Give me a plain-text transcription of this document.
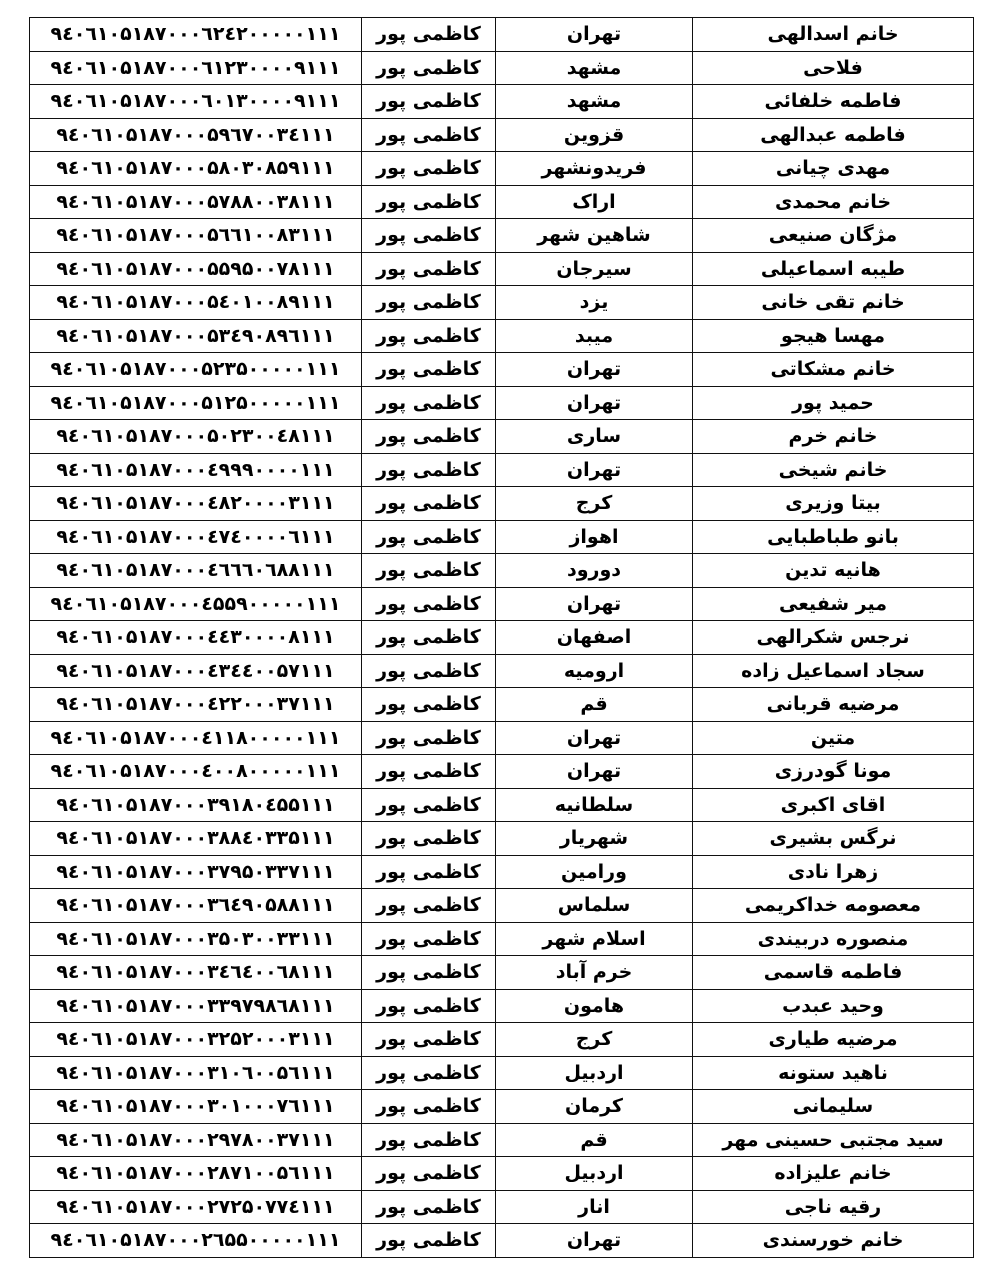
۹٤۰٦۱۰۵۱۸۷۰۰۰٦۲٤۲۰۰۰۰۰۱۱۱	کاظمی پور	تهران	خانم اسدالهی
۹٤۰٦۱۰۵۱۸۷۰۰۰٦۱۲۳۰۰۰۰۹۱۱۱	کاظمی پور	مشهد	فلاحی
۹٤۰٦۱۰۵۱۸۷۰۰۰٦۰۱۳۰۰۰۰۹۱۱۱	کاظمی پور	مشهد	فاطمه خلفائی
۹٤۰٦۱۰۵۱۸۷۰۰۰۵۹٦۷۰۰۳٤۱۱۱	کاظمی پور	قزوین	فاطمه عبدالهی
۹٤۰٦۱۰۵۱۸۷۰۰۰۵۸۰۳۰۸۵۹۱۱۱	کاظمی پور	فریدونشهر	مهدی چیانی
۹٤۰٦۱۰۵۱۸۷۰۰۰۵۷۸۸۰۰۳۸۱۱۱	کاظمی پور	اراک	خانم محمدی
۹٤۰٦۱۰۵۱۸۷۰۰۰۵٦٦۱۰۰۸۳۱۱۱	کاظمی پور	شاهین شهر	مژگان صنیعی
۹٤۰٦۱۰۵۱۸۷۰۰۰۵۵۹۵۰۰۷۸۱۱۱	کاظمی پور	سیرجان	طیبه اسماعیلی
۹٤۰٦۱۰۵۱۸۷۰۰۰۵٤۰۱۰۰۸۹۱۱۱	کاظمی پور	یزد	خانم تقی خانی
۹٤۰٦۱۰۵۱۸۷۰۰۰۵۳٤۹۰۸۹٦۱۱۱	کاظمی پور	میبد	مهسا هیجو
۹٤۰٦۱۰۵۱۸۷۰۰۰۵۲۳۵۰۰۰۰۰۱۱۱	کاظمی پور	تهران	خانم مشکاتی
۹٤۰٦۱۰۵۱۸۷۰۰۰۵۱۲۵۰۰۰۰۰۱۱۱	کاظمی پور	تهران	حمید پور
۹٤۰٦۱۰۵۱۸۷۰۰۰۵۰۲۳۰۰٤۸۱۱۱	کاظمی پور	ساری	خانم خرم
۹٤۰٦۱۰۵۱۸۷۰۰۰٤۹۹۹۰۰۰۰۱۱۱	کاظمی پور	تهران	خانم شیخی
۹٤۰٦۱۰۵۱۸۷۰۰۰٤۸۲۰۰۰۰۳۱۱۱	کاظمی پور	کرج	بیتا وزیری
۹٤۰٦۱۰۵۱۸۷۰۰۰٤۷٤۰۰۰۰٦۱۱۱	کاظمی پور	اهواز	بانو طباطبایی
۹٤۰٦۱۰۵۱۸۷۰۰۰٤٦٦٦۰٦۸۸۱۱۱	کاظمی پور	دورود	هانیه تدین
۹٤۰٦۱۰۵۱۸۷۰۰۰٤۵۵۹۰۰۰۰۰۱۱۱	کاظمی پور	تهران	میر شفیعی
۹٤۰٦۱۰۵۱۸۷۰۰۰٤٤۳۰۰۰۰۸۱۱۱	کاظمی پور	اصفهان	نرجس شکرالهی
۹٤۰٦۱۰۵۱۸۷۰۰۰٤۳٤٤۰۰۵۷۱۱۱	کاظمی پور	ارومیه	سجاد اسماعیل زاده
۹٤۰٦۱۰۵۱۸۷۰۰۰٤۲۲۰۰۰۳۷۱۱۱	کاظمی پور	قم	مرضیه قربانی
۹٤۰٦۱۰۵۱۸۷۰۰۰٤۱۱۸۰۰۰۰۰۱۱۱	کاظمی پور	تهران	متین
۹٤۰٦۱۰۵۱۸۷۰۰۰٤۰۰۸۰۰۰۰۰۱۱۱	کاظمی پور	تهران	مونا گودرزی
۹٤۰٦۱۰۵۱۸۷۰۰۰۳۹۱۸۰٤۵۵۱۱۱	کاظمی پور	سلطانیه	اقای اکبری
۹٤۰٦۱۰۵۱۸۷۰۰۰۳۸۸٤۰۳۳۵۱۱۱	کاظمی پور	شهریار	نرگس بشیری
۹٤۰٦۱۰۵۱۸۷۰۰۰۳۷۹۵۰۳۳۷۱۱۱	کاظمی پور	ورامین	زهرا نادی
۹٤۰٦۱۰۵۱۸۷۰۰۰۳٦٤۹۰۵۸۸۱۱۱	کاظمی پور	سلماس	معصومه خداکریمی
۹٤۰٦۱۰۵۱۸۷۰۰۰۳۵۰۳۰۰۳۳۱۱۱	کاظمی پور	اسلام شهر	منصوره دربیندی
۹٤۰٦۱۰۵۱۸۷۰۰۰۳٤٦٤۰۰٦۸۱۱۱	کاظمی پور	خرم آباد	فاطمه قاسمی
۹٤۰٦۱۰۵۱۸۷۰۰۰۳۳۹۷۹۸٦۸۱۱۱	کاظمی پور	هامون	وحید عبدب
۹٤۰٦۱۰۵۱۸۷۰۰۰۳۲۵۲۰۰۰۳۱۱۱	کاظمی پور	کرج	مرضیه طیاری
۹٤۰٦۱۰۵۱۸۷۰۰۰۳۱۰٦۰۰۵٦۱۱۱	کاظمی پور	اردبیل	ناهید ستونه
۹٤۰٦۱۰۵۱۸۷۰۰۰۳۰۱۰۰۰۷٦۱۱۱	کاظمی پور	کرمان	سلیمانی
۹٤۰٦۱۰۵۱۸۷۰۰۰۲۹۷۸۰۰۳۷۱۱۱	کاظمی پور	قم	سید مجتبی حسینی مهر
۹٤۰٦۱۰۵۱۸۷۰۰۰۲۸۷۱۰۰۵٦۱۱۱	کاظمی پور	اردبیل	خانم علیزاده
۹٤۰٦۱۰۵۱۸۷۰۰۰۲۷۲۵۰۷۷٤۱۱۱	کاظمی پور	انار	رقیه ناجی
۹٤۰٦۱۰۵۱۸۷۰۰۰۲٦۵۵۰۰۰۰۰۱۱۱	کاظمی پور	تهران	خانم خورسندی
